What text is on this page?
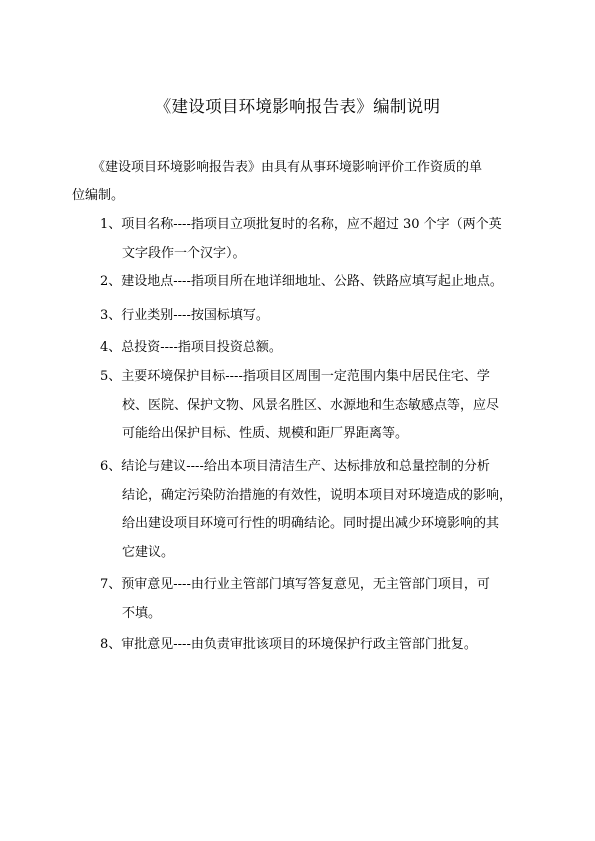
《建设项目环境影响报告表》编制说明
《建设项目环境影响报告表》由具有从事环境影响评价工作资质的单
位编制。
1、项目名称----指项目立项批复时的名称，应不超过 30 个字（两个英
文字段作一个汉字）。
2、建设地点----指项目所在地详细地址、公路、铁路应填写起止地点。
3、行业类别----按国标填写。
4、总投资----指项目投资总额。
5、主要环境保护目标----指项目区周围一定范围内集中居民住宅、学
校、医院、保护文物、风景名胜区、水源地和生态敏感点等，应尽
可能给出保护目标、性质、规模和距厂界距离等。
6、结论与建议----给出本项目清洁生产、达标排放和总量控制的分析
结论，确定污染防治措施的有效性，说明本项目对环境造成的影响，
给出建设项目环境可行性的明确结论。同时提出减少环境影响的其
它建议。
7、预审意见----由行业主管部门填写答复意见，无主管部门项目，可
不填。
8、审批意见----由负责审批该项目的环境保护行政主管部门批复。
